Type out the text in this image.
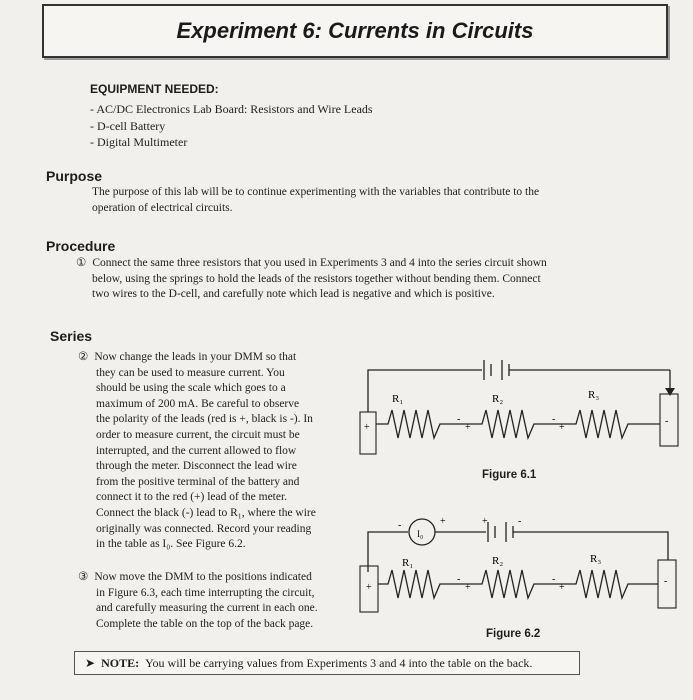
Experiment 6: Currents in Circuits
EQUIPMENT NEEDED:
- AC/DC Electronics Lab Board: Resistors and Wire Leads
- D-cell Battery
- Digital Multimeter
Purpose
The purpose of this lab will be to continue experimenting with the variables that contribute to the
operation of electrical circuits.
Procedure
① Connect the same three resistors that you used in Experiments 3 and 4 into the series circuit shown
below, using the springs to hold the leads of the resistors together without bending them. Connect
two wires to the D-cell, and carefully note which lead is negative and which is positive.
Series
② Now change the leads in your DMM so that
they can be used to measure current. You
should be using the scale which goes to a
maximum of 200 mA. Be careful to observe
the polarity of the leads (red is +, black is -). In
order to measure current, the circuit must be
interrupted, and the current allowed to flow
through the meter. Disconnect the lead wire
from the positive terminal of the battery and
connect it to the red (+) lead of the meter.
Connect the black (-) lead to R₁, where the wire
originally was connected. Record your reading
in the table as I₀. See Figure 6.2.
③ Now move the DMM to the positions indicated
in Figure 6.3, each time interrupting the circuit,
and carefully measuring the current in each one.
Complete the table on the top of the back page.
R₁	R₂	R₃
+
-
-
+
-
+
Figure 6.1
I₀
-	+	+	-
R₁	R₂	R₃
+
-
-
+
-
+
Figure 6.2
➤ NOTE: You will be carrying values from Experiments 3 and 4 into the table on the back.
